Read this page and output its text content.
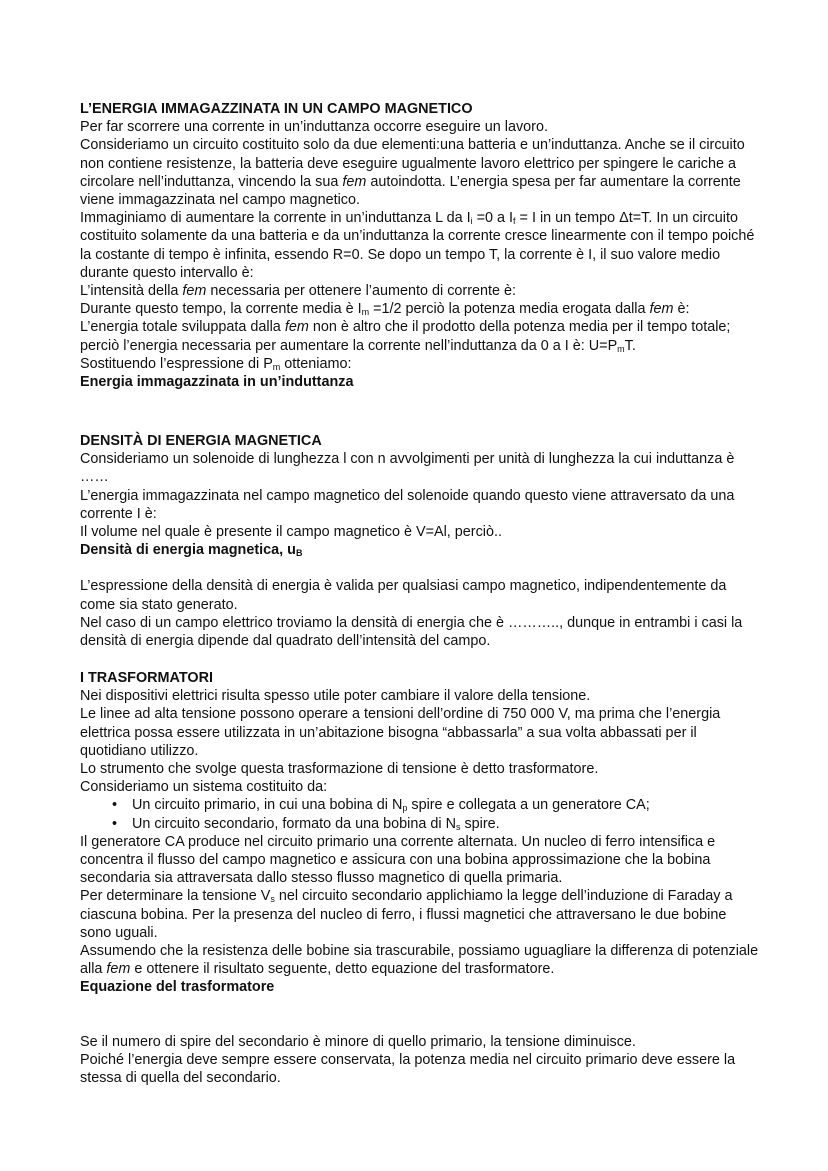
L’ENERGIA IMMAGAZZINATA IN UN CAMPO MAGNETICO

Per far scorrere una corrente in un’induttanza occorre eseguire un lavoro.

Consideriamo un circuito costituito solo da due elementi:una batteria e un’induttanza. Anche se il circuito non contiene resistenze, la batteria deve eseguire ugualmente lavoro elettrico per spingere le cariche a circolare nell’induttanza, vincendo la sua fem autoindotta. L’energia spesa per far aumentare la corrente viene immagazzinata nel campo magnetico.

Immaginiamo di aumentare la corrente in un’induttanza L da $I_i =0$ a $I_f = I$ in un tempo Δt=T. In un circuito costituito solamente da una batteria e da un’induttanza la corrente cresce linearmente con il tempo poiché la costante di tempo è infinita, essendo R=0. Se dopo un tempo T, la corrente è I, il suo valore medio durante questo intervallo è:

L’intensità della fem necessaria per ottenere l’aumento di corrente è:

Durante questo tempo, la corrente media è $I_m =1/2$ perciò la potenza media erogata dalla fem è:

L’energia totale sviluppata dalla fem non è altro che il prodotto della potenza media per il tempo totale; perciò l’energia necessaria per aumentare la corrente nell’induttanza da 0 a I è: $U=P_mT$.

Sostituendo l’espressione di $P_m$ otteniamo:

Energia immagazzinata in un’induttanza

DENSITÀ DI ENERGIA MAGNETICA

Consideriamo un solenoide di lunghezza l con n avvolgimenti per unità di lunghezza la cui induttanza è ……

L’energia immagazzinata nel campo magnetico del solenoide quando questo viene attraversato da una corrente I è:

Il volume nel quale è presente il campo magnetico è V=Al, perciò..

Densità di energia magnetica, $u_B$

L’espressione della densità di energia è valida per qualsiasi campo magnetico, indipendentemente da come sia stato generato.

Nel caso di un campo elettrico troviamo la densità di energia che è ……….., dunque in entrambi i casi la densità di energia dipende dal quadrato dell’intensità del campo.

I TRASFORMATORI

Nei dispositivi elettrici risulta spesso utile poter cambiare il valore della tensione.

Le linee ad alta tensione possono operare a tensioni dell’ordine di 750 000 V, ma prima che l’energia elettrica possa essere utilizzata in un’abitazione bisogna “abbassarla” a sua volta abbassati per il quotidiano utilizzo.

Lo strumento che svolge questa trasformazione di tensione è detto trasformatore.

Consideriamo un sistema costituito da:

• Un circuito primario, in cui una bobina di $N_p$ spire e collegata a un generatore CA;
• Un circuito secondario, formato da una bobina di $N_s$ spire.

Il generatore CA produce nel circuito primario una corrente alternata. Un nucleo di ferro intensifica e concentra il flusso del campo magnetico e assicura con una bobina approssimazione che la bobina secondaria sia attraversata dallo stesso flusso magnetico di quella primaria.

Per determinare la tensione $V_s$ nel circuito secondario applichiamo la legge dell’induzione di Faraday a ciascuna bobina. Per la presenza del nucleo di ferro, i flussi magnetici che attraversano le due bobine sono uguali.

Assumendo che la resistenza delle bobine sia trascurabile, possiamo uguagliare la differenza di potenziale alla fem e ottenere il risultato seguente, detto equazione del trasformatore.

Equazione del trasformatore

Se il numero di spire del secondario è minore di quello primario, la tensione diminuisce.

Poiché l’energia deve sempre essere conservata, la potenza media nel circuito primario deve essere la stessa di quella del secondario.
